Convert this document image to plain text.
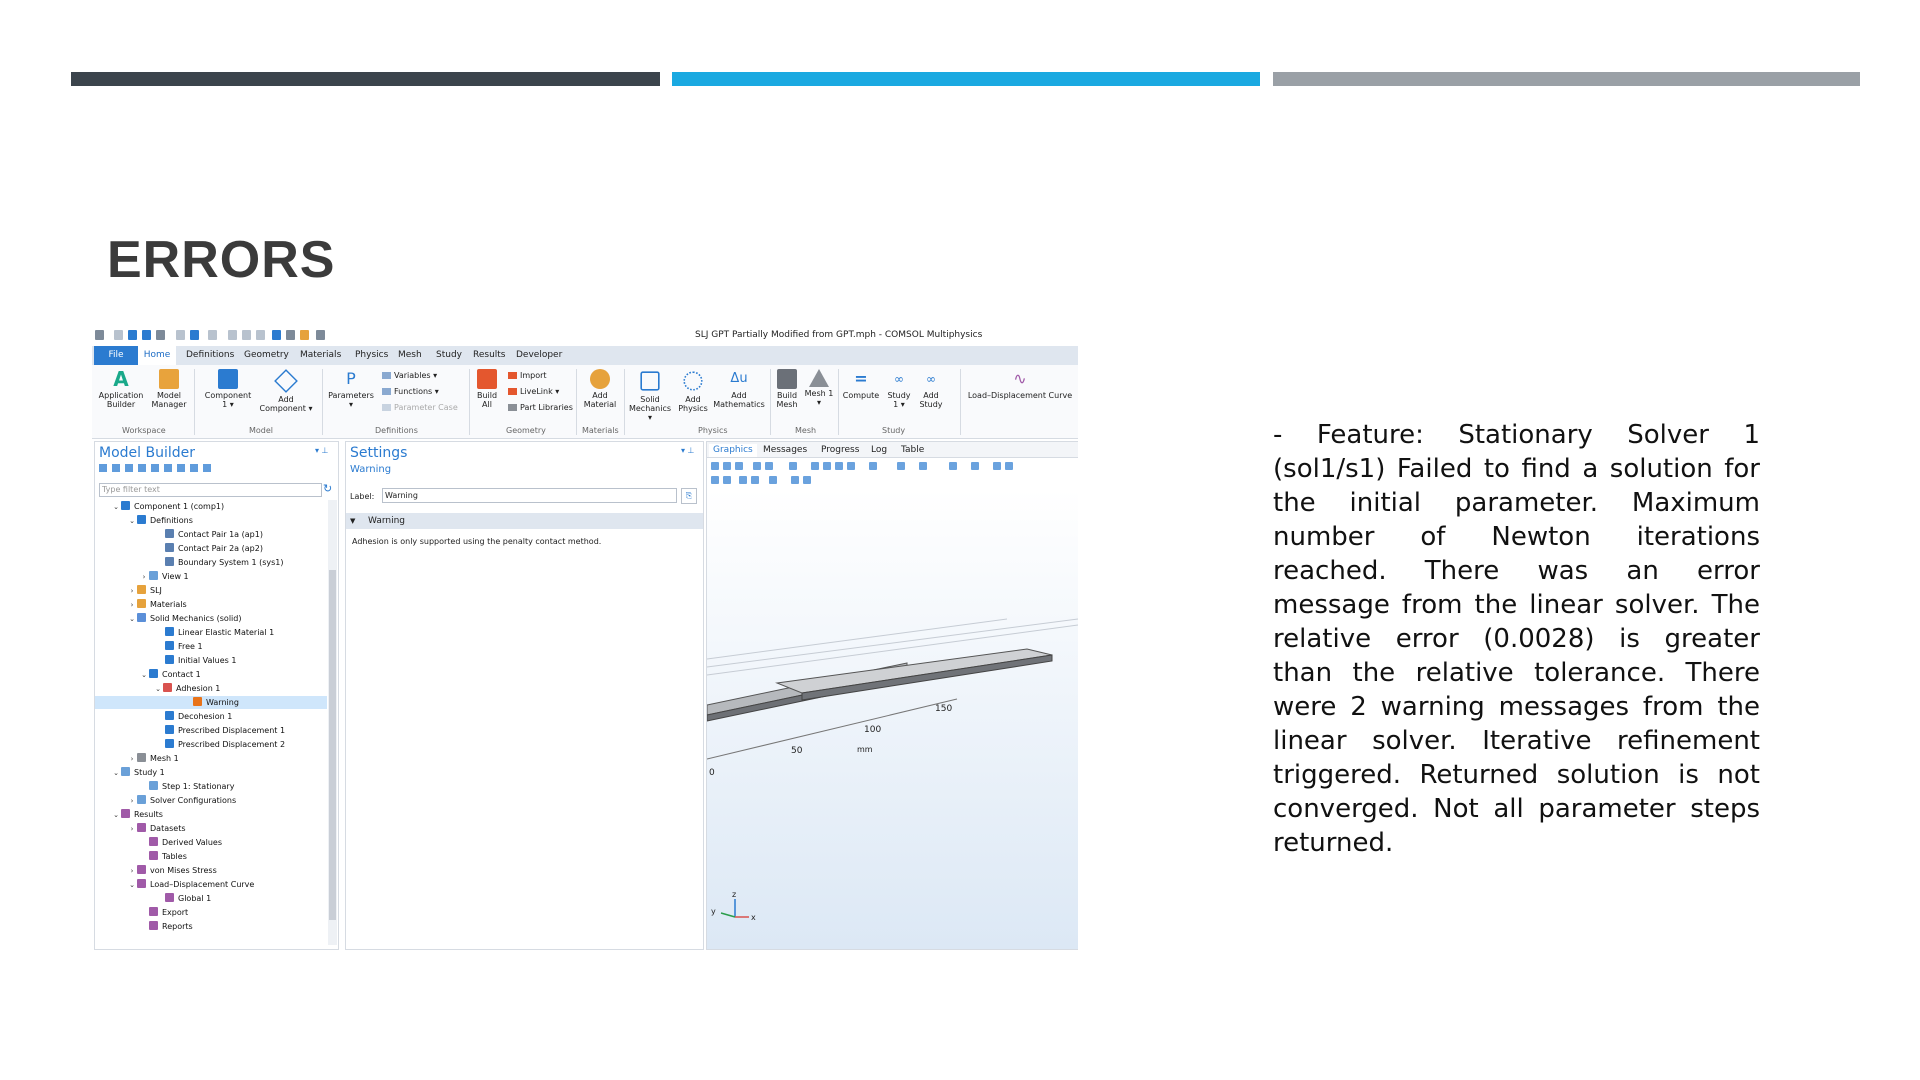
ERRORS
- Feature: Stationary Solver 1 (sol1/s1) Failed to find a solution for the initial parameter. Maximum number of Newton iterations reached. There was an error message from the linear solver. The relative error (0.0028) is greater than the relative tolerance. There were 2 warning messages from the linear solver. Iterative refinement triggered. Returned solution is not converged. Not all parameter steps returned.
SLJ GPT Partially Modified from GPT.mph - COMSOL Multiphysics
Definitions Geometry Materials Physics Mesh Study Results Developer
File	Home
A
Application Builder
Model Manager
Workspace
Component 1 ▾
Add Component ▾
Model
P
Parameters ▾
Variables ▾
Functions ▾
Parameter Case
Definitions
Build All
Import
LiveLink ▾
Part Libraries
Geometry
Add Material
Materials
Solid Mechanics ▾
Add Physics
Δu
Add Mathematics
Physics
Build Mesh
Mesh 1 ▾
Mesh
=
Compute
∞
Study 1 ▾
∞
Add Study
Study
∿
Load–Displacement Curve
Model Builder	▾ ⊥
Type filter text	↻
⌄ Component 1 (comp1)
⌄ Definitions
Contact Pair 1a (ap1)
Contact Pair 2a (ap2)
Boundary System 1 (sys1)
› View 1
› SLJ
› Materials
⌄ Solid Mechanics (solid)
Linear Elastic Material 1
Free 1
Initial Values 1
⌄ Contact 1
⌄ Adhesion 1
Warning
Decohesion 1
Prescribed Displacement 1
Prescribed Displacement 2
› Mesh 1
⌄ Study 1
Step 1: Stationary
› Solver Configurations
⌄ Results
› Datasets
Derived Values
Tables
› von Mises Stress
⌄ Load–Displacement Curve
Global 1
Export
Reports
Settings	▾ ⊥
Warning
Label:	Warning	⎘
▼ Warning
Adhesion is only supported using the penalty contact method.
Graphics	Messages	Progress	Log	Table
0
50
100
150
mm
z
y
x
